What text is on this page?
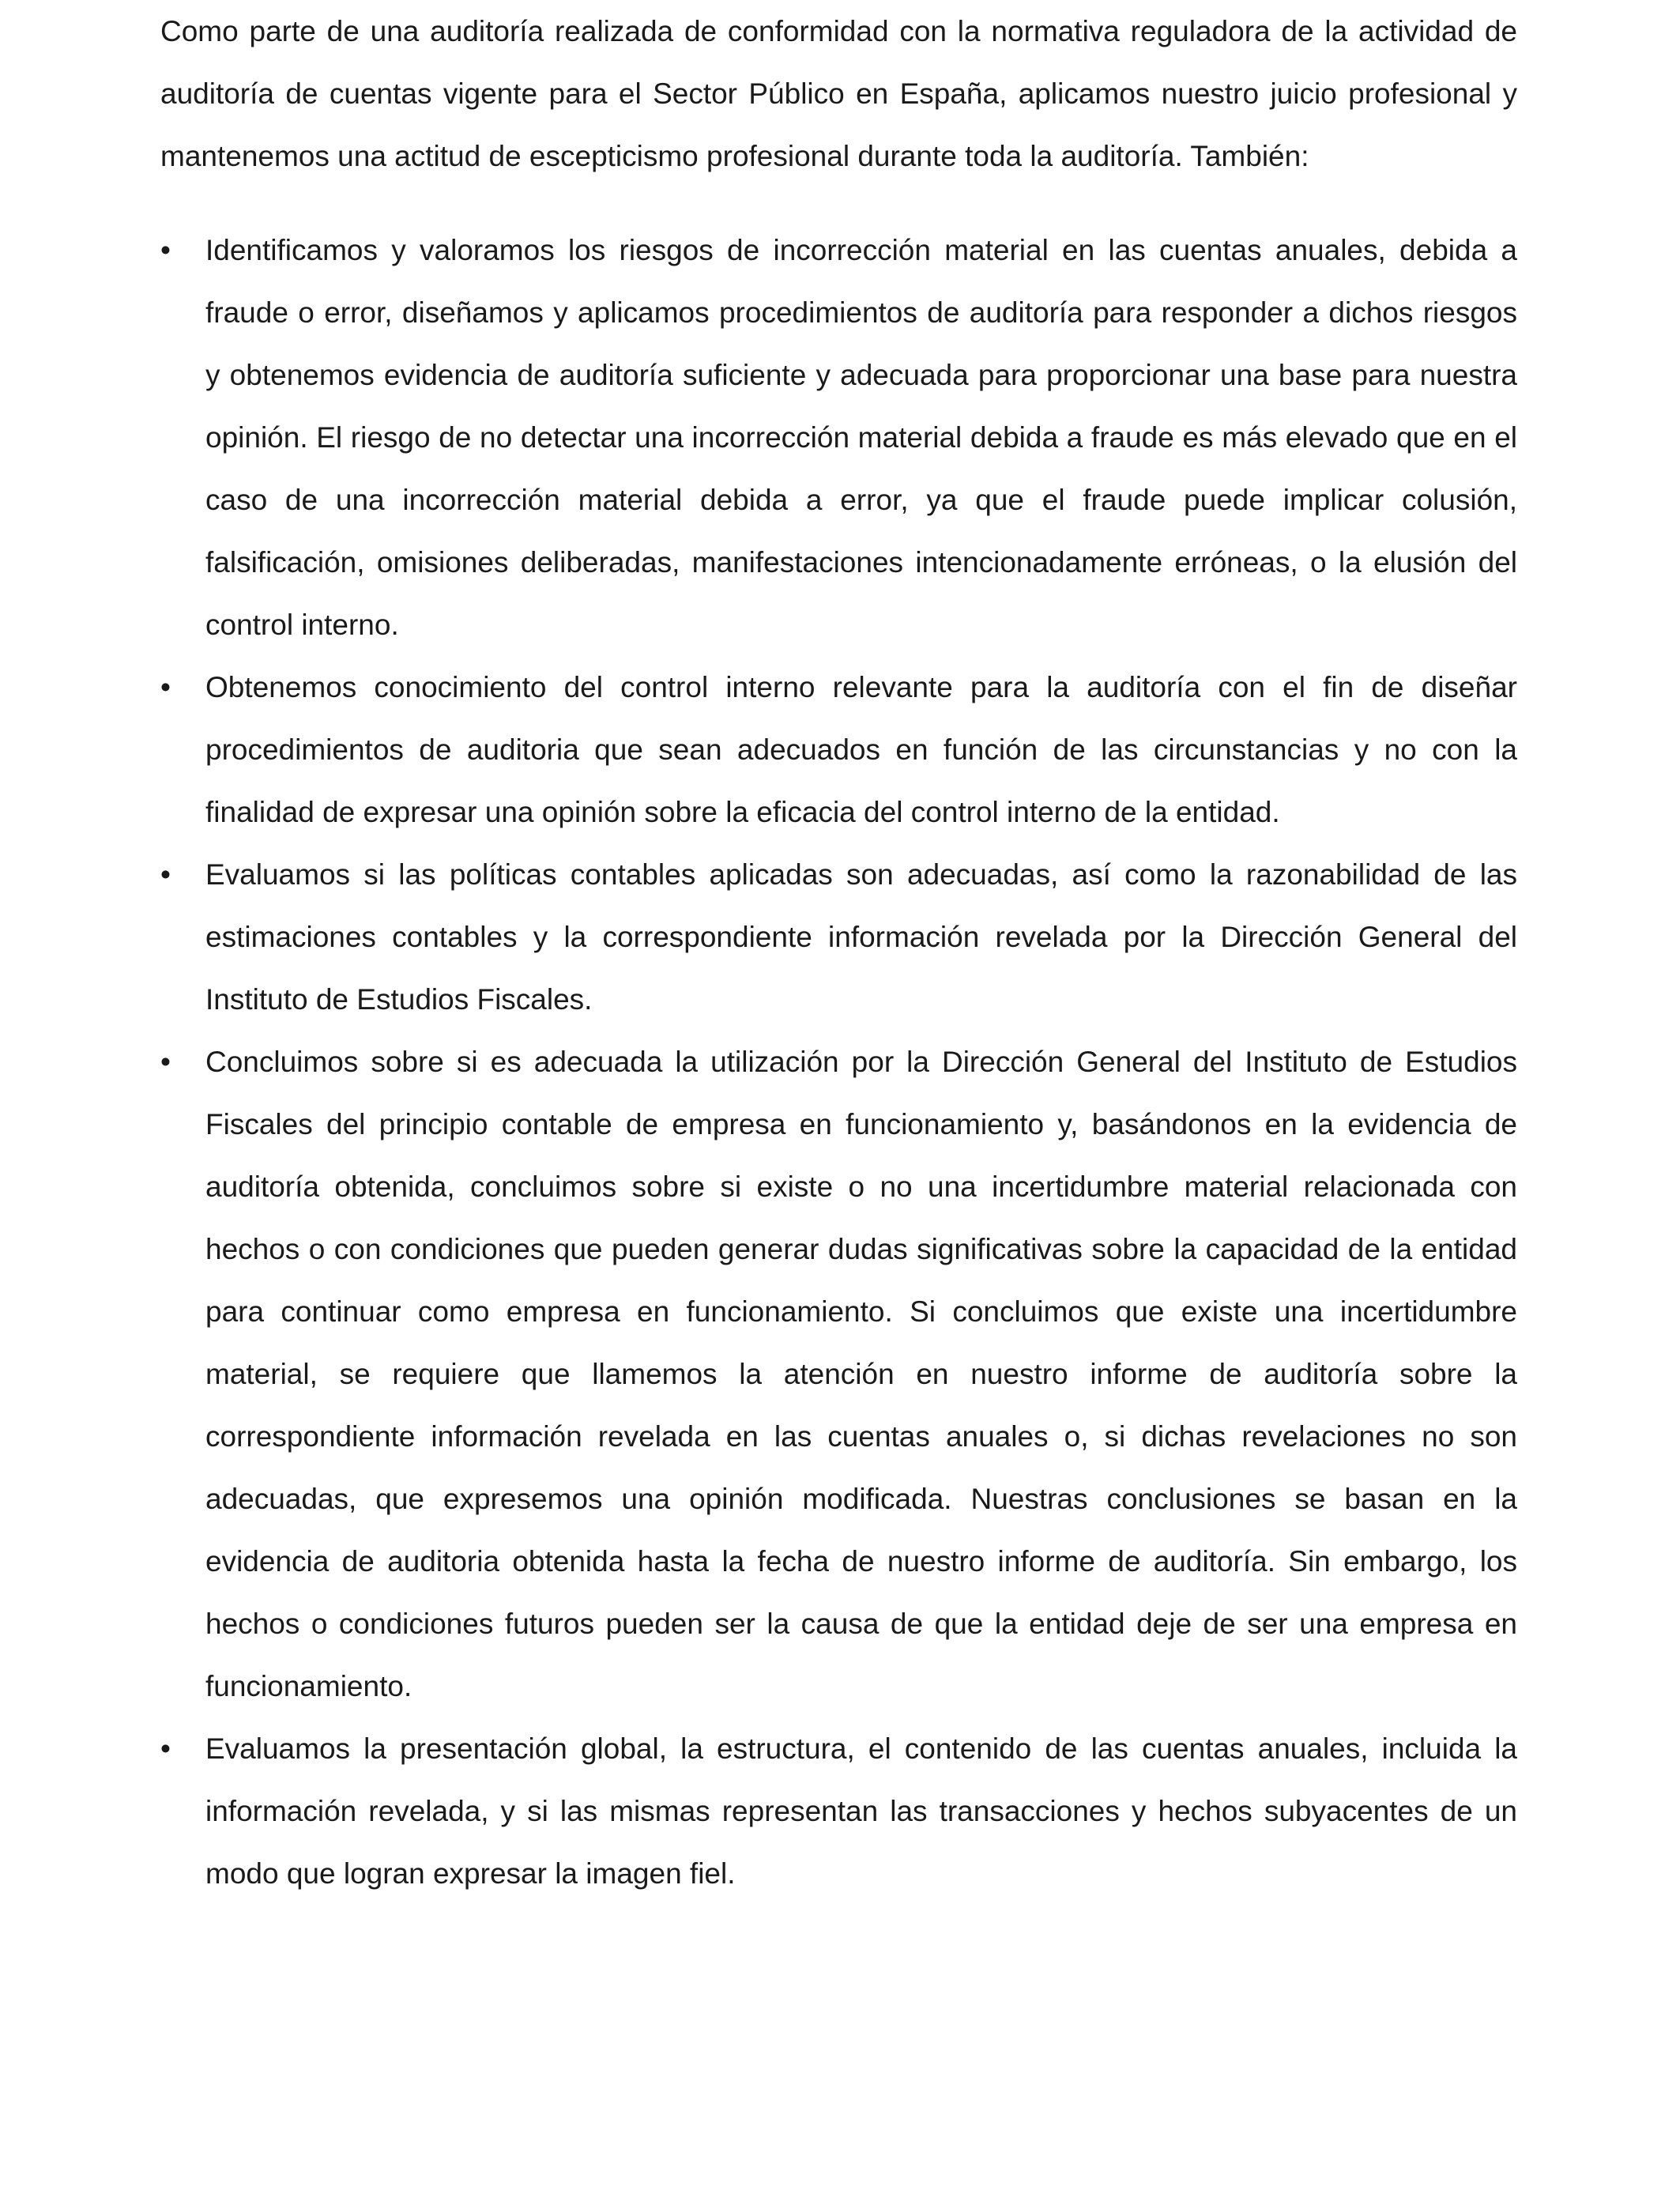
Como parte de una auditoría realizada de conformidad con la normativa reguladora de la actividad de auditoría de cuentas vigente para el Sector Público en España, aplicamos nuestro juicio profesional y mantenemos una actitud de escepticismo profesional durante toda la auditoría. También:

•	Identificamos y valoramos los riesgos de incorrección material en las cuentas anuales, debida a fraude o error, diseñamos y aplicamos procedimientos de auditoría para responder a dichos riesgos y obtenemos evidencia de auditoría suficiente y adecuada para proporcionar una base para nuestra opinión. El riesgo de no detectar una incorrección material debida a fraude es más elevado que en el caso de una incorrección material debida a error, ya que el fraude puede implicar colusión, falsificación, omisiones deliberadas, manifestaciones intencionadamente erróneas, o la elusión del control interno.
•	Obtenemos conocimiento del control interno relevante para la auditoría con el fin de diseñar procedimientos de auditoria que sean adecuados en función de las circunstancias y no con la finalidad de expresar una opinión sobre la eficacia del control interno de la entidad.
•	Evaluamos si las políticas contables aplicadas son adecuadas, así como la razonabilidad de las estimaciones contables y la correspondiente información revelada por la Dirección General del Instituto de Estudios Fiscales.
•	Concluimos sobre si es adecuada la utilización por la Dirección General del Instituto de Estudios Fiscales del principio contable de empresa en funcionamiento y, basándonos en la evidencia de auditoría obtenida, concluimos sobre si existe o no una incertidumbre material relacionada con hechos o con condiciones que pueden generar dudas significativas sobre la capacidad de la entidad para continuar como empresa en funcionamiento. Si concluimos que existe una incertidumbre material, se requiere que llamemos la atención en nuestro informe de auditoría sobre la correspondiente información revelada en las cuentas anuales o, si dichas revelaciones no son adecuadas, que expresemos una opinión modificada. Nuestras conclusiones se basan en la evidencia de auditoria obtenida hasta la fecha de nuestro informe de auditoría. Sin embargo, los hechos o condiciones futuros pueden ser la causa de que la entidad deje de ser una empresa en funcionamiento.
•	Evaluamos la presentación global, la estructura, el contenido de las cuentas anuales, incluida la información revelada, y si las mismas representan las transacciones y hechos subyacentes de un modo que logran expresar la imagen fiel.
